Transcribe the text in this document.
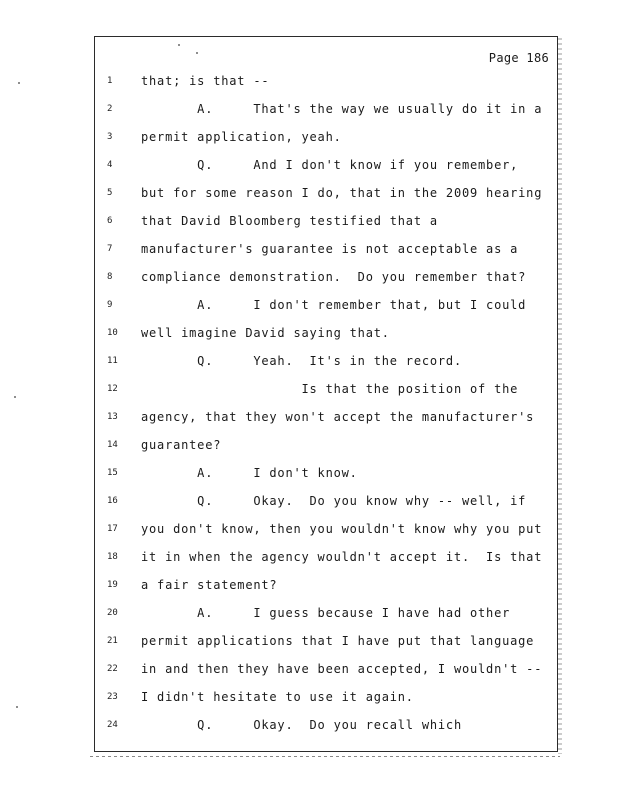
Page 186
1	that; is that --
2	A.     That's the way we usually do it in a
3	permit application, yeah.
4	Q.     And I don't know if you remember,
5	but for some reason I do, that in the 2009 hearing
6	that David Bloomberg testified that a
7	manufacturer's guarantee is not acceptable as a
8	compliance demonstration.  Do you remember that?
9	A.     I don't remember that, but I could
10	well imagine David saying that.
11	Q.     Yeah.  It's in the record.
12	Is that the position of the
13	agency, that they won't accept the manufacturer's
14	guarantee?
15	A.     I don't know.
16	Q.     Okay.  Do you know why -- well, if
17	you don't know, then you wouldn't know why you put
18	it in when the agency wouldn't accept it.  Is that
19	a fair statement?
20	A.     I guess because I have had other
21	permit applications that I have put that language
22	in and then they have been accepted, I wouldn't --
23	I didn't hesitate to use it again.
24	Q.     Okay.  Do you recall which
